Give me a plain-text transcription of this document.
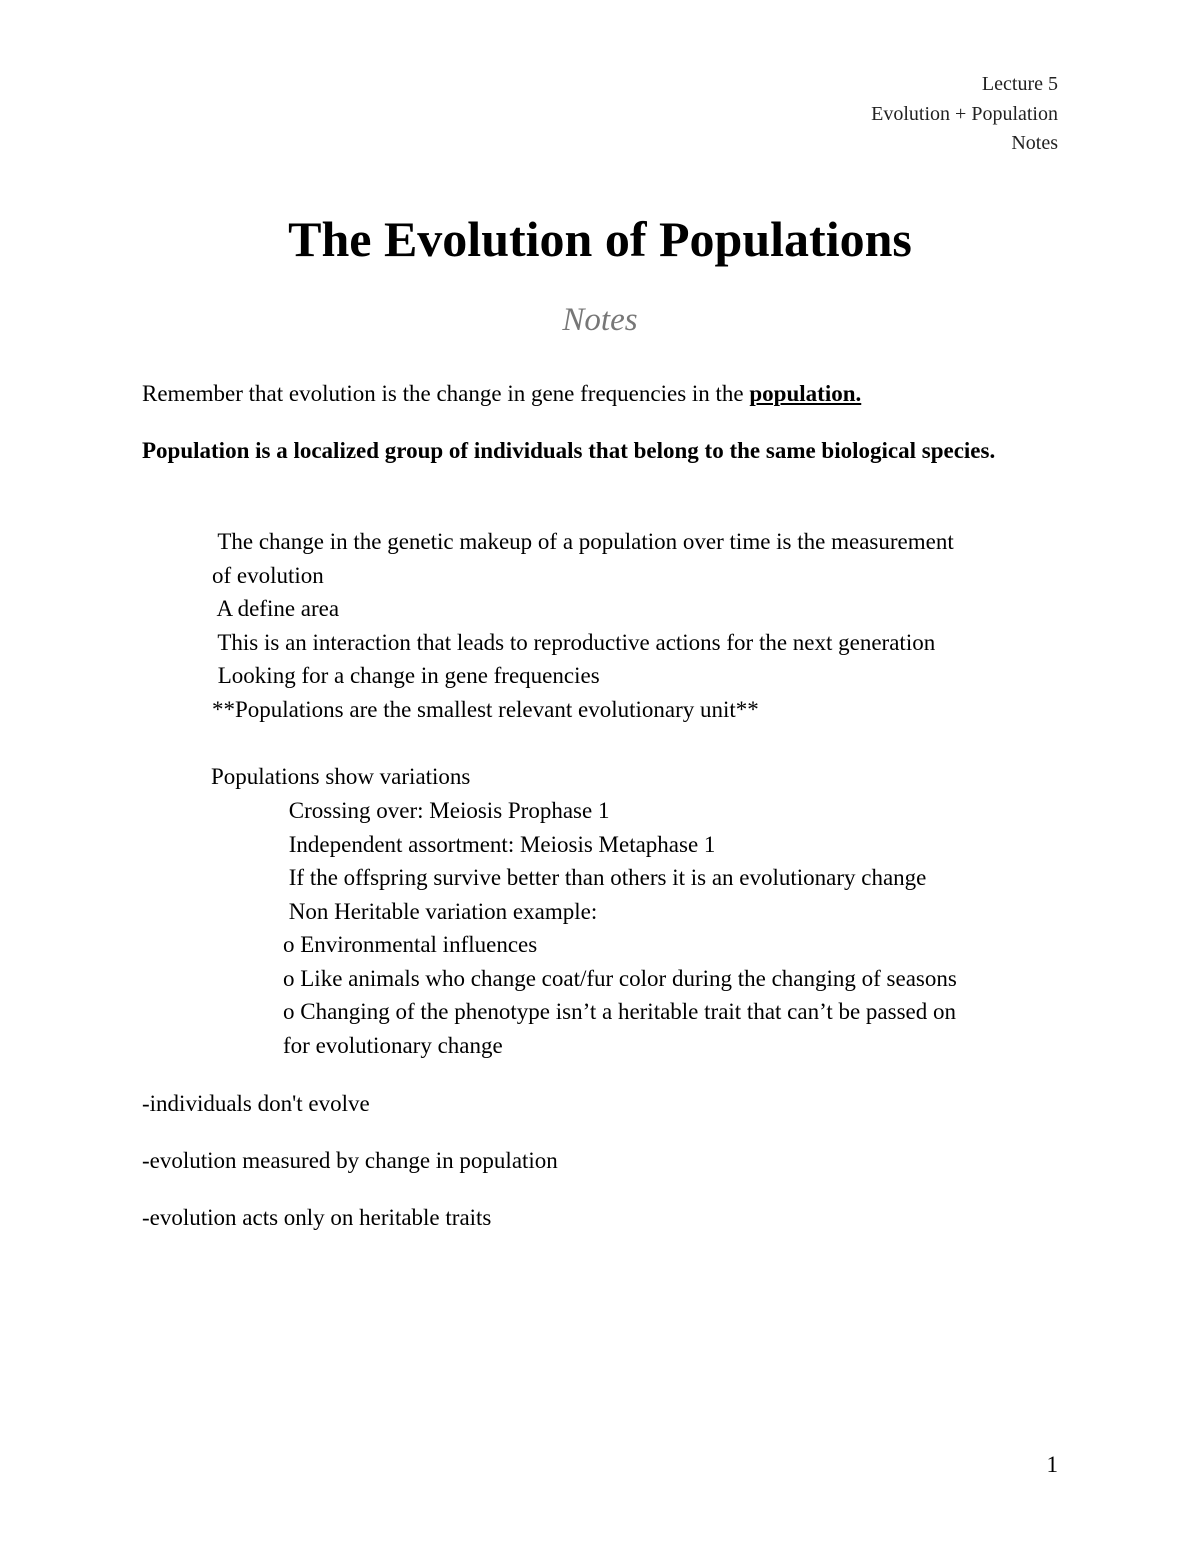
Lecture 5
Evolution + Population
Notes
The Evolution of Populations
Notes
Remember that evolution is the change in gene frequencies in the population.
Population is a localized group of individuals that belong to the same biological species.
The change in the genetic makeup of a population over time is the measurement
of evolution
A define area
This is an interaction that leads to reproductive actions for the next generation
Looking for a change in gene frequencies
**Populations are the smallest relevant evolutionary unit**
Populations show variations
Crossing over: Meiosis Prophase 1
Independent assortment: Meiosis Metaphase 1
If the offspring survive better than others it is an evolutionary change
Non Heritable variation example:
o Environmental influences
o Like animals who change coat/fur color during the changing of seasons
o Changing of the phenotype isn’t a heritable trait that can’t be passed on
for evolutionary change
-individuals don't evolve
-evolution measured by change in population
-evolution acts only on heritable traits
1
